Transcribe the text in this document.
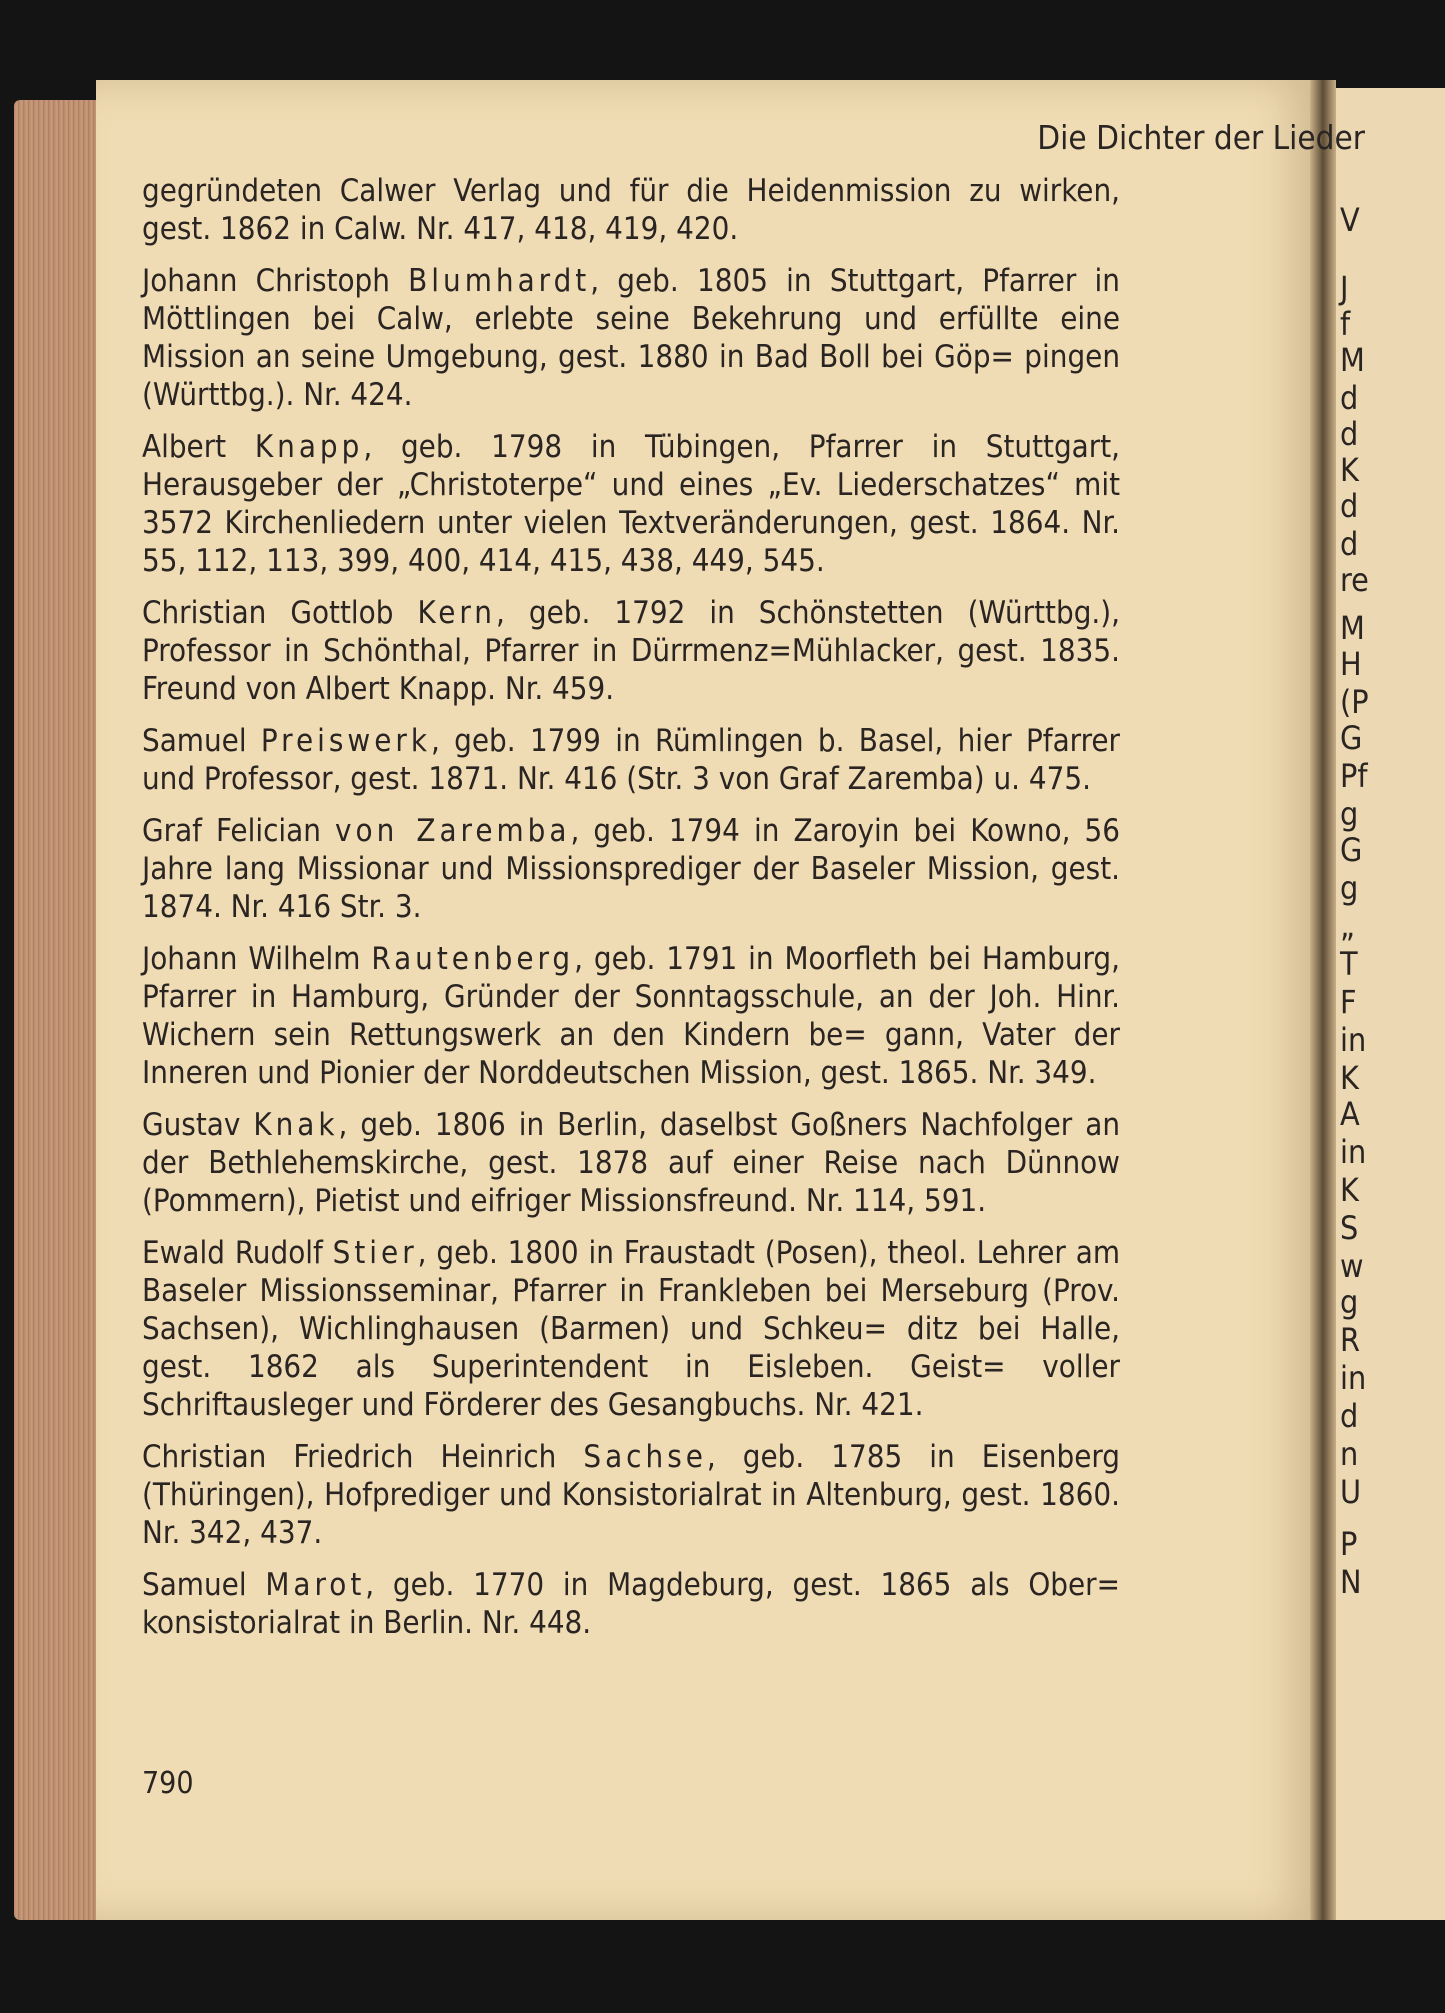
V
J
f
M
d
d
K
d
d
re
M
H
(P
G
Pf
g
G
g
„
T
F
in
K
A
in
K
S
w
g
R
in
d
n
U
P
N
Die Dichter der Lieder

gegründeten Calwer Verlag und für die Heidenmission zu wirken, gest. 1862 in Calw. Nr. 417, 418, 419, 420.

Johann Christoph Blumhardt, geb. 1805 in Stuttgart, Pfarrer in Möttlingen bei Calw, erlebte seine Bekehrung und erfüllte eine Mission an seine Umgebung, gest. 1880 in Bad Boll bei Göp= pingen (Württbg.). Nr. 424.

Albert Knapp, geb. 1798 in Tübingen, Pfarrer in Stuttgart, Herausgeber der „Christoterpe“ und eines „Ev. Liederschatzes“ mit 3572 Kirchenliedern unter vielen Textveränderungen, gest. 1864. Nr. 55, 112, 113, 399, 400, 414, 415, 438, 449, 545.

Christian Gottlob Kern, geb. 1792 in Schönstetten (Württbg.), Professor in Schönthal, Pfarrer in Dürrmenz=Mühlacker, gest. 1835. Freund von Albert Knapp. Nr. 459.

Samuel Preiswerk, geb. 1799 in Rümlingen b. Basel, hier Pfarrer und Professor, gest. 1871. Nr. 416 (Str. 3 von Graf Zaremba) u. 475.

Graf Felician von Zaremba, geb. 1794 in Zaroyin bei Kowno, 56 Jahre lang Missionar und Missionsprediger der Baseler Mission, gest. 1874. Nr. 416 Str. 3.

Johann Wilhelm Rautenberg, geb. 1791 in Moorfleth bei Hamburg, Pfarrer in Hamburg, Gründer der Sonntagsschule, an der Joh. Hinr. Wichern sein Rettungswerk an den Kindern be= gann, Vater der Inneren und Pionier der Norddeutschen Mission, gest. 1865. Nr. 349.

Gustav Knak, geb. 1806 in Berlin, daselbst Goßners Nachfolger an der Bethlehemskirche, gest. 1878 auf einer Reise nach Dünnow (Pommern), Pietist und eifriger Missionsfreund. Nr. 114, 591.

Ewald Rudolf Stier, geb. 1800 in Fraustadt (Posen), theol. Lehrer am Baseler Missionsseminar, Pfarrer in Frankleben bei Merseburg (Prov. Sachsen), Wichlinghausen (Barmen) und Schkeu= ditz bei Halle, gest. 1862 als Superintendent in Eisleben. Geist= voller Schriftausleger und Förderer des Gesangbuchs. Nr. 421.

Christian Friedrich Heinrich Sachse, geb. 1785 in Eisenberg (Thüringen), Hofprediger und Konsistorialrat in Altenburg, gest. 1860. Nr. 342, 437.

Samuel Marot, geb. 1770 in Magdeburg, gest. 1865 als Ober= konsistorialrat in Berlin. Nr. 448.

790
